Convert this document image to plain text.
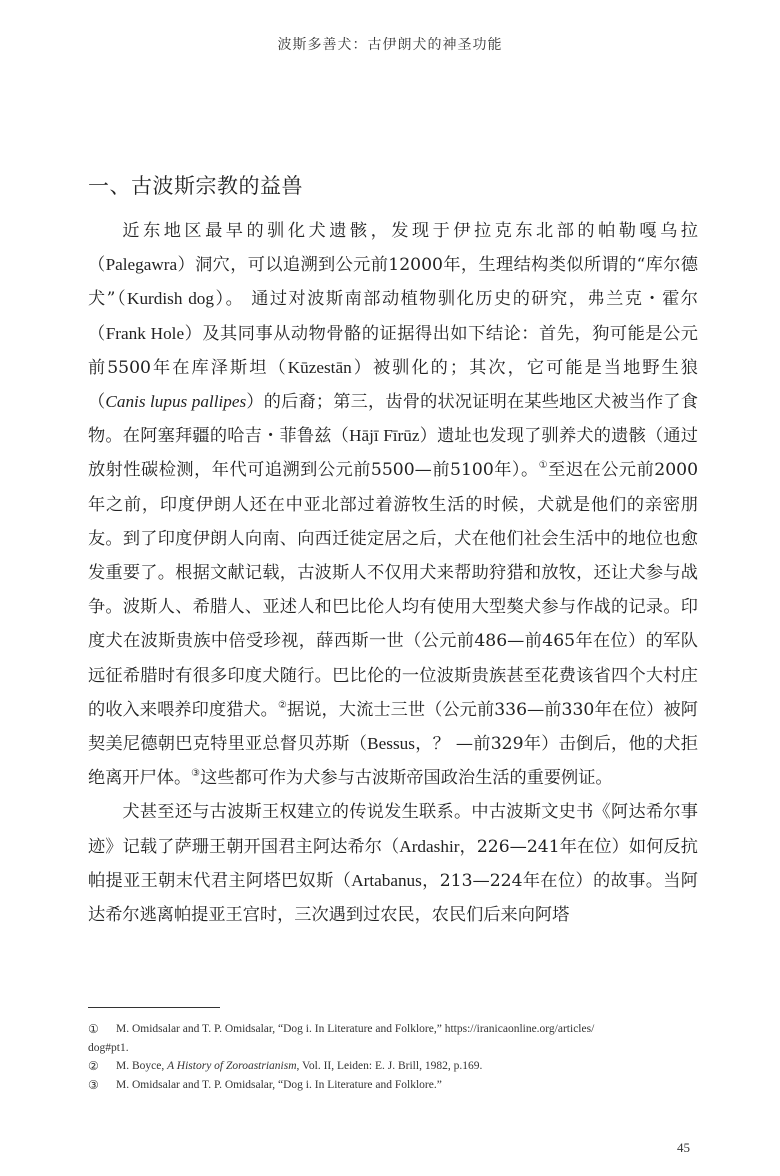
波斯多善犬：古伊朗犬的神圣功能
一、古波斯宗教的益兽

近东地区最早的驯化犬遗骸，发现于伊拉克东北部的帕勒嘎乌拉（Palegawra）洞穴，可以追溯到公元前12000年，生理结构类似所谓的“库尔德犬”（Kurdish dog）。 通过对波斯南部动植物驯化历史的研究，弗兰克・霍尔（Frank Hole）及其同事从动物骨骼的证据得出如下结论：首先，狗可能是公元前5500年在库泽斯坦（Kūzestān）被驯化的；其次，它可能是当地野生狼（Canis lupus pallipes）的后裔；第三，齿骨的状况证明在某些地区犬被当作了食物。在阿塞拜疆的哈吉・菲鲁兹（Hājī Fīrūz）遗址也发现了驯养犬的遗骸（通过放射性碳检测，年代可追溯到公元前5500—前5100年）。①至迟在公元前2000年之前，印度伊朗人还在中亚北部过着游牧生活的时候，犬就是他们的亲密朋友。到了印度伊朗人向南、向西迁徙定居之后，犬在他们社会生活中的地位也愈发重要了。根据文献记载，古波斯人不仅用犬来帮助狩猎和放牧，还让犬参与战争。波斯人、希腊人、亚述人和巴比伦人均有使用大型獒犬参与作战的记录。印度犬在波斯贵族中倍受珍视，薛西斯一世（公元前486—前465年在位）的军队远征希腊时有很多印度犬随行。巴比伦的一位波斯贵族甚至花费该省四个大村庄的收入来喂养印度猎犬。②据说，大流士三世（公元前336—前330年在位）被阿契美尼德朝巴克特里亚总督贝苏斯（Bessus，？ —前329年）击倒后，他的犬拒绝离开尸体。③这些都可作为犬参与古波斯帝国政治生活的重要例证。

犬甚至还与古波斯王权建立的传说发生联系。中古波斯文史书《阿达希尔事迹》记载了萨珊王朝开国君主阿达希尔（Ardashir，226—241年在位）如何反抗帕提亚王朝末代君主阿塔巴奴斯（Artabanus，213—224年在位）的故事。当阿达希尔逃离帕提亚王宫时，三次遇到过农民，农民们后来向阿塔

① M. Omidsalar and T. P. Omidsalar, “Dog i. In Literature and Folklore,” https://iranicaonline.org/articles/
dog#pt1.
② M. Boyce, A History of Zoroastrianism, Vol. II, Leiden: E. J. Brill, 1982, p.169.
③ M. Omidsalar and T. P. Omidsalar, “Dog i. In Literature and Folklore.”
45
